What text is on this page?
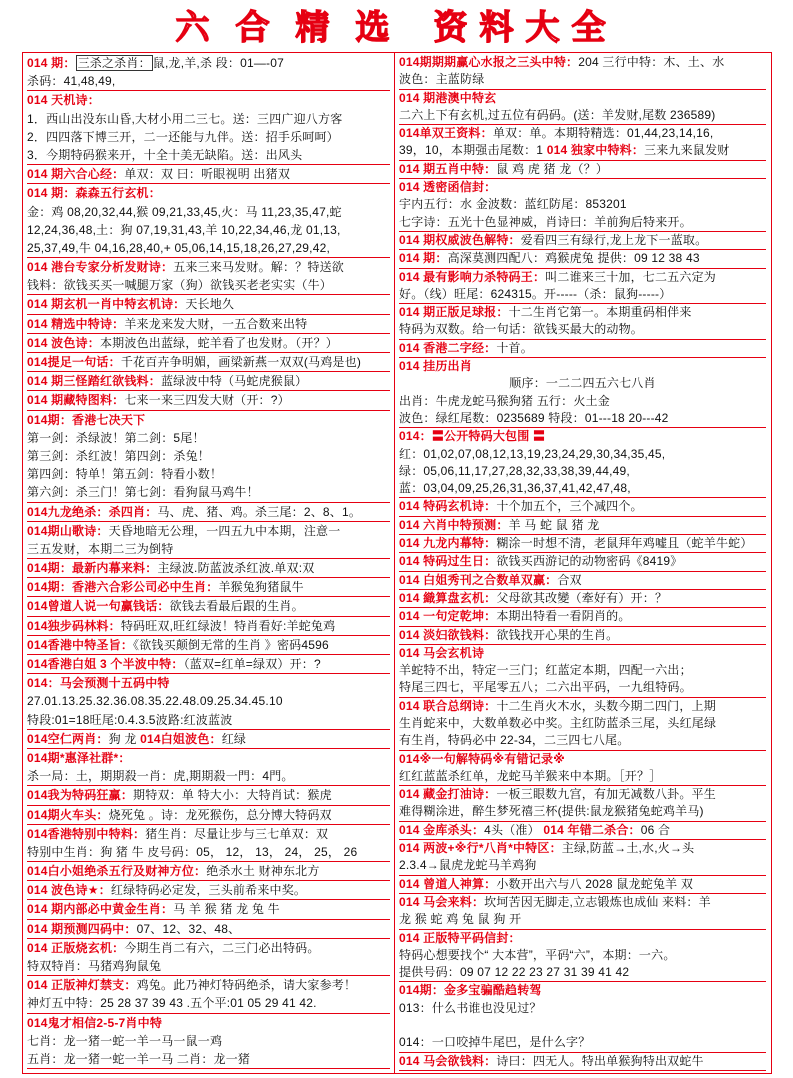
六合精选 资料大全
014 期： 三杀之杀肖： 鼠,龙,羊,杀 段：01—-07
杀码：41,48,49,
014 天机诗：
1．西山出没东山昏,大材小用二三七。送：三四广迎八方客
2．四四落下博三开，二一还能与九伴。送：招手乐呵呵）
3．今期特码猴来开，十全十美无缺陷。送：出风头
014 期六合心经：单双：双 曰：听眼视明 出猪双
014 期：森森五行玄机：
金：鸡 08,20,32,44,猴 09,21,33,45,火：马 11,23,35,47,蛇
12,24,36,48,土：狗 07,19,31,43,羊 10,22,34,46,龙 01,13,
25,37,49,牛 04,16,28,40,+ 05,06,14,15,18,26,27,29,42,
014 港台专家分析发财诗：五来三来马发财。解：？特送欲
钱料：欲钱买买一喊腿万家（狗）欲钱买老老实实（牛）
014 期玄机一肖中特玄机诗：天长地久
014 精选中特诗：羊来龙来发大财，一五合数来出特
014 波色诗：本期波色出蓝绿，蛇羊看了也发财。（开？）
014提足一句话：千花百卉争明媚，画梁新燕一双双(马鸡是也)
014 期三怪踏红欲钱料：蓝绿波中特（马蛇虎猴鼠）
014 期藏特图料：七来一来三四发大财（开：?）
014期：香港七决天下
第一剑：杀绿波！第二剑：5尾！
第三剑：杀红波！第四剑：杀兔！
第四剑：特单！第五剑：特看小数！
第六剑：杀三门！第七剑：看狗鼠马鸡牛！
014九龙绝杀：杀四肖：马、虎、猪、鸡。杀三尾：2、8、1。
014期山歌诗：天昏地暗无公理，一四五九中本期，注意一
三五发财，本期二三为倒特
014期：最新内幕来料：主绿波.防蓝波杀红波.单双:双
014期：香港六合彩公司必中生肖：羊猴兔狗猪鼠牛
014曾道人说一句赢钱话：欲钱去看最后跟的生肖。
014独步码林料：特码旺双,旺红绿波！特肖看好:羊蛇兔鸡
014香港中特圣旨：《欲钱买颠倒无常的生肖 》密码4596
014香港白姐 3 个半波中特：（蓝双=红单=绿双）开：?
014：马会预测十五码中特
27.01.13.25.32.36.08.35.22.48.09.25.34.45.10
特段:01=18旺尾:0.4.3.5波路:红波蓝波
014空仁两肖：狗 龙 014白姐波色：红绿
014期*惠泽社群*：
杀一局：土，期期殺一肖：虎,期期殺一門：4門。
014我为特码狂赢：期特双：单 特大小：大特肖试：猴虎
014期火车头：烧死兔 。诗：龙死猴伤，总分博大特码双
014香港特别中特料：猪生肖：尽量让步与三七单双：双
特别中生肖：狗 猪 牛 皮号码：05， 12， 13， 24， 25， 26
014白小姐绝杀五行及财神方位：绝杀水土 财神东北方
014 波色诗★：红绿特码必定发，三头前希来中奖。
014 期内部必中黄金生肖：马 羊 猴 猪 龙 兔 牛
014 期预测四码中：07、12、32、48、
014 正版烧玄机：今期生肖二有六，二三门必出特码。
特双特肖：马猪鸡狗鼠兔
014 正版神灯禁支：鸡兔。此乃神灯特码绝杀，请大家参考！
神灯五中特：25 28 37 39 43 .五个平:01 05 29 41 42.
014鬼才相信2-5-7肖中特
七肖：龙一猪一蛇一羊一马一鼠一鸡
五肖：龙一猪一蛇一羊一马 二肖：龙一猪
014期期期赢心水报之三头中特：204 三行中特：木、土、水
波色：主蓝防绿
014 期港澳中特玄
二六上下有玄机,过五位有码码。(送：羊发财,尾数 236589)
014单双王资料：单双：单。本期特精选：01,44,23,14,16,
39，10，本期强击尾数：1 014 独家中特料：三来九来鼠发财
014 期五肖中特：鼠 鸡 虎 猪 龙（？）
014 透密函信封：
宇内五行：水 金波数：蓝红防尾：853201
七字诗：五光十色显神威，肖诗曰：羊前狗后特来开。
014 期权威波色解特：爱看四三有绿行,龙上龙下一蓝取。
014 期：高深莫测四配八：鸡猴虎兔 提供：09 12 38 43
014 最有影响力杀特码王：叫二谁来三十加，七二五六定为
好。（线）旺尾：624315。开-----（杀：鼠狗-----）
014 期正版足球报：十二生肖它第一。本期重码相伴来
特码为双数。给一句话：欲钱买最大的动物。
014 香港二字经：十首。
014 挂历出肖
顺序：一二二四五六七八肖
出肖：牛虎龙蛇马猴狗猪 五行：火土金
波色：绿红尾数：0235689 特段：01---18 20---42
014：〓公开特码大包围 〓
红：01,02,07,08,12,13,19,23,24,29,30,34,35,45,
绿：05,06,11,17,27,28,32,33,38,39,44,49,
蓝：03,04,09,25,26,31,36,37,41,42,47,48,
014 特码玄机诗：十个加五个，三个减四个。
014 六肖中特预测：羊 马 蛇 鼠 猪 龙
014 九龙内幕特：糊涂一时想不清，老鼠拜年鸡嘘且（蛇羊牛蛇）
014 特码过生日：欲钱买西游记的动物密码《8419》
014 白姐秀刊之合数单双赢：合双
014 織算盘玄机：父母欲其改變（牽好有）开：？
014 一句定乾坤：本期出特看一看阴肖的。
014 淡妇欲钱料：欲钱找开心果的生肖。
014 马会玄机诗
羊蛇特不出，特定一三门；红蓝定本期，四配一六出；
特尾三四七，平尾零五八；二六出平码，一九组特码。
014 联合总纲诗：十二生肖火木水，头数今期二四门，上期
生肖蛇来中，大数单数必中奖。主红防蓝杀三尾，头红尾绿
有生肖，特码必中 22-34，二三四七八尾。
014※一句解特码※有错记录※
红红蓝蓝杀红单，龙蛇马羊猴来中本期。［开？］
014 藏金打油诗：一板三眼数九宫，有加无减数八卦。平生
难得糊涂进，醉生梦死禧三杯(提供:鼠龙猴猪兔蛇鸡羊马)
014 金库杀头：4头（准） 014 年错二杀合：06 合
014 两波+※行*八肖*中特区：主绿,防蓝→土,水,火→头
2.3.4→鼠虎龙蛇马羊鸡狗
014 曾道人神算：小数开出六与八 2028 鼠龙蛇兔羊 双
014 马会来料：坎坷苦因无脚走,立志锻炼也成仙 来料：羊
龙 猴 蛇 鸡 兔 鼠 狗 开
014 正版特平码信封：
特码心想要找个“ 大本营”，平码“六”，本期：一六。
提供号码：09 07 12 22 23 27 31 39 41 42
014期：金多宝骗酷趋转驾
013：什么书谁也没见过？
014：一口咬掉牛尾巴，是什么字？
014 马会欲钱料：诗曰：四无人。特出单猴狗特出双蛇牛
